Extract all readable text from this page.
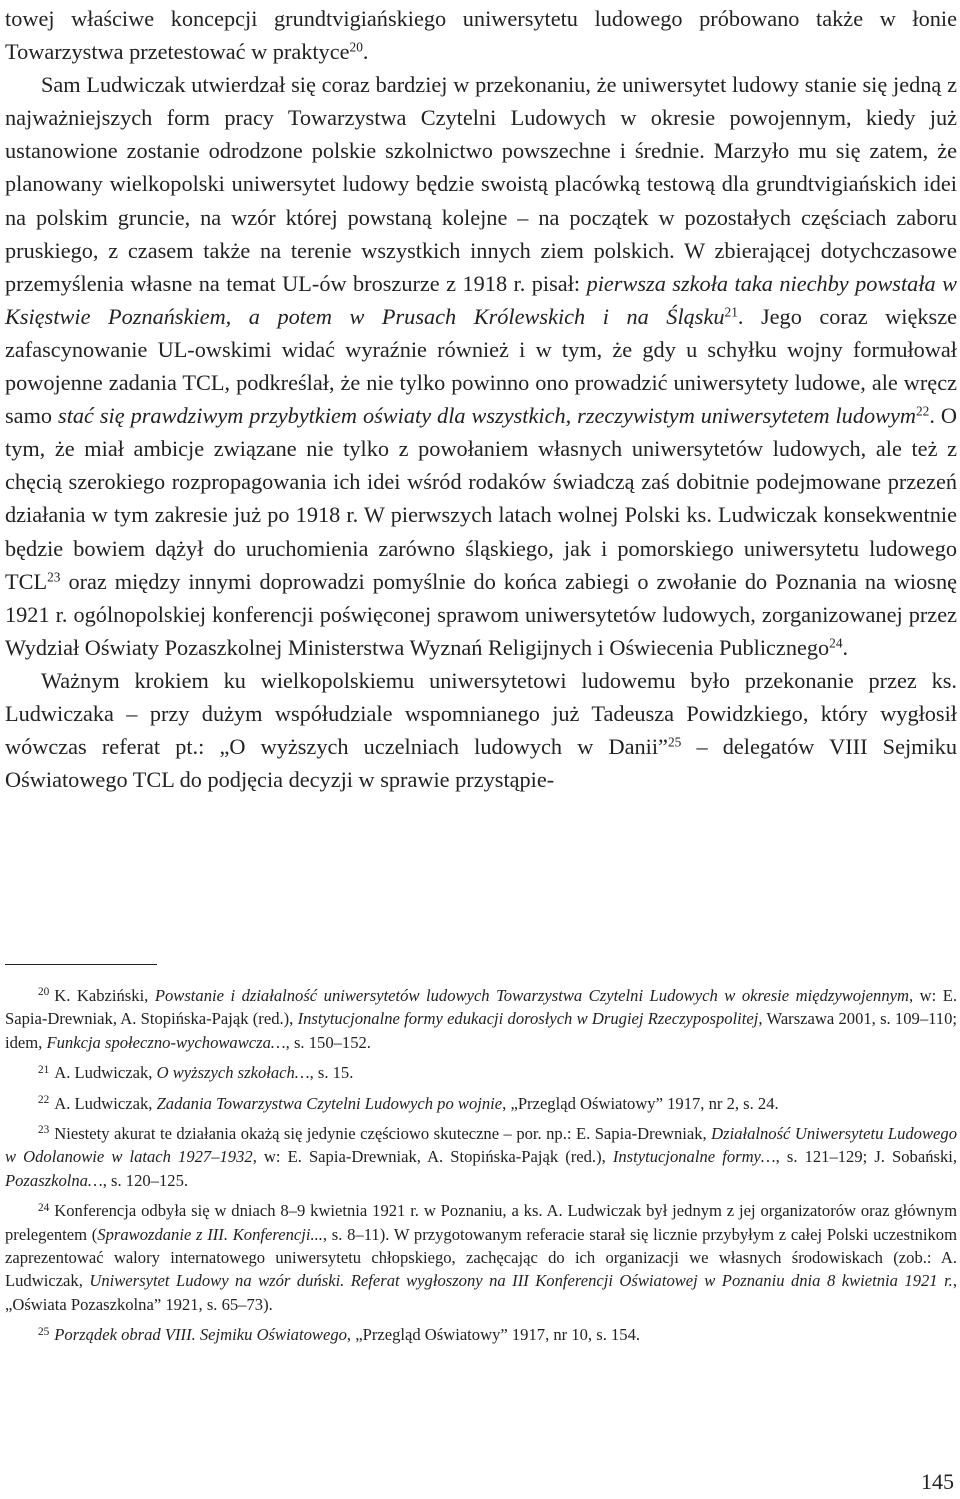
towej właściwe koncepcji grundtvigiańskiego uniwersytetu ludowego próbowano także w łonie Towarzystwa przetestować w praktyce$^{20}$.

Sam Ludwiczak utwierdzał się coraz bardziej w przekonaniu, że uniwersytet ludowy stanie się jedną z najważniejszych form pracy Towarzystwa Czytelni Ludowych w okresie powojennym, kiedy już ustanowione zostanie odrodzone polskie szkolnictwo powszechne i średnie. Marzyło mu się zatem, że planowany wielkopolski uniwersytet ludowy będzie swoistą placówką testową dla grundtvigiańskich idei na polskim gruncie, na wzór której powstaną kolejne – na początek w pozostałych częściach zaboru pruskiego, z czasem także na terenie wszystkich innych ziem polskich. W zbierającej dotychczasowe przemyślenia własne na temat UL-ów broszurze z 1918 r. pisał: pierwsza szkoła taka niechby powstała w Księstwie Poznańskiem, a potem w Prusach Królewskich i na Śląsku$^{21}$. Jego coraz większe zafascynowanie UL-owskimi widać wyraźnie również i w tym, że gdy u schyłku wojny formułował powojenne zadania TCL, podkreślał, że nie tylko powinno ono prowadzić uniwersytety ludowe, ale wręcz samo stać się prawdziwym przybytkiem oświaty dla wszystkich, rzeczywistym uniwersytetem ludowym$^{22}$. O tym, że miał ambicje związane nie tylko z powołaniem własnych uniwersytetów ludowych, ale też z chęcią szerokiego rozpropagowania ich idei wśród rodaków świadczą zaś dobitnie podejmowane przezeń działania w tym zakresie już po 1918 r. W pierwszych latach wolnej Polski ks. Ludwiczak konsekwentnie będzie bowiem dążył do uruchomienia zarówno śląskiego, jak i pomorskiego uniwersytetu ludowego TCL$^{23}$ oraz między innymi doprowadzi pomyślnie do końca zabiegi o zwołanie do Poznania na wiosnę 1921 r. ogólnopolskiej konferencji poświęconej sprawom uniwersytetów ludowych, zorganizowanej przez Wydział Oświaty Pozaszkolnej Ministerstwa Wyznań Religijnych i Oświecenia Publicznego$^{24}$.

Ważnym krokiem ku wielkopolskiemu uniwersytetowi ludowemu było przekonanie przez ks. Ludwiczaka – przy dużym współudziale wspomnianego już Tadeusza Powidzkiego, który wygłosił wówczas referat pt.: „O wyższych uczelniach ludowych w Danii”$^{25}$ – delegatów VIII Sejmiku Oświatowego TCL do podjęcia decyzji w sprawie przystąpie-

$^{20}$ K. Kabziński, Powstanie i działalność uniwersytetów ludowych Towarzystwa Czytelni Ludowych w okresie międzywojennym, w: E. Sapia-Drewniak, A. Stopińska-Pająk (red.), Instytucjonalne formy edukacji dorosłych w Drugiej Rzeczypospolitej, Warszawa 2001, s. 109–110; idem, Funkcja społeczno-wychowawcza…, s. 150–152.

$^{21}$ A. Ludwiczak, O wyższych szkołach…, s. 15.

$^{22}$ A. Ludwiczak, Zadania Towarzystwa Czytelni Ludowych po wojnie, „Przegląd Oświatowy” 1917, nr 2, s. 24.

$^{23}$ Niestety akurat te działania okażą się jedynie częściowo skuteczne – por. np.: E. Sapia-Drewniak, Działalność Uniwersytetu Ludowego w Odolanowie w latach 1927–1932, w: E. Sapia-Drewniak, A. Stopińska-Pająk (red.), Instytucjonalne formy…, s. 121–129; J. Sobański, Pozaszkolna…, s. 120–125.

$^{24}$ Konferencja odbyła się w dniach 8–9 kwietnia 1921 r. w Poznaniu, a ks. A. Ludwiczak był jednym z jej organizatorów oraz głównym prelegentem (Sprawozdanie z III. Konferencji..., s. 8–11). W przygotowanym referacie starał się licznie przybyłym z całej Polski uczestnikom zaprezentować walory internatowego uniwersytetu chłopskiego, zachęcając do ich organizacji we własnych środowiskach (zob.: A. Ludwiczak, Uniwersytet Ludowy na wzór duński. Referat wygłoszony na III Konferencji Oświatowej w Poznaniu dnia 8 kwietnia 1921 r., „Oświata Pozaszkolna” 1921, s. 65–73).

$^{25}$ Porządek obrad VIII. Sejmiku Oświatowego, „Przegląd Oświatowy” 1917, nr 10, s. 154.

145
